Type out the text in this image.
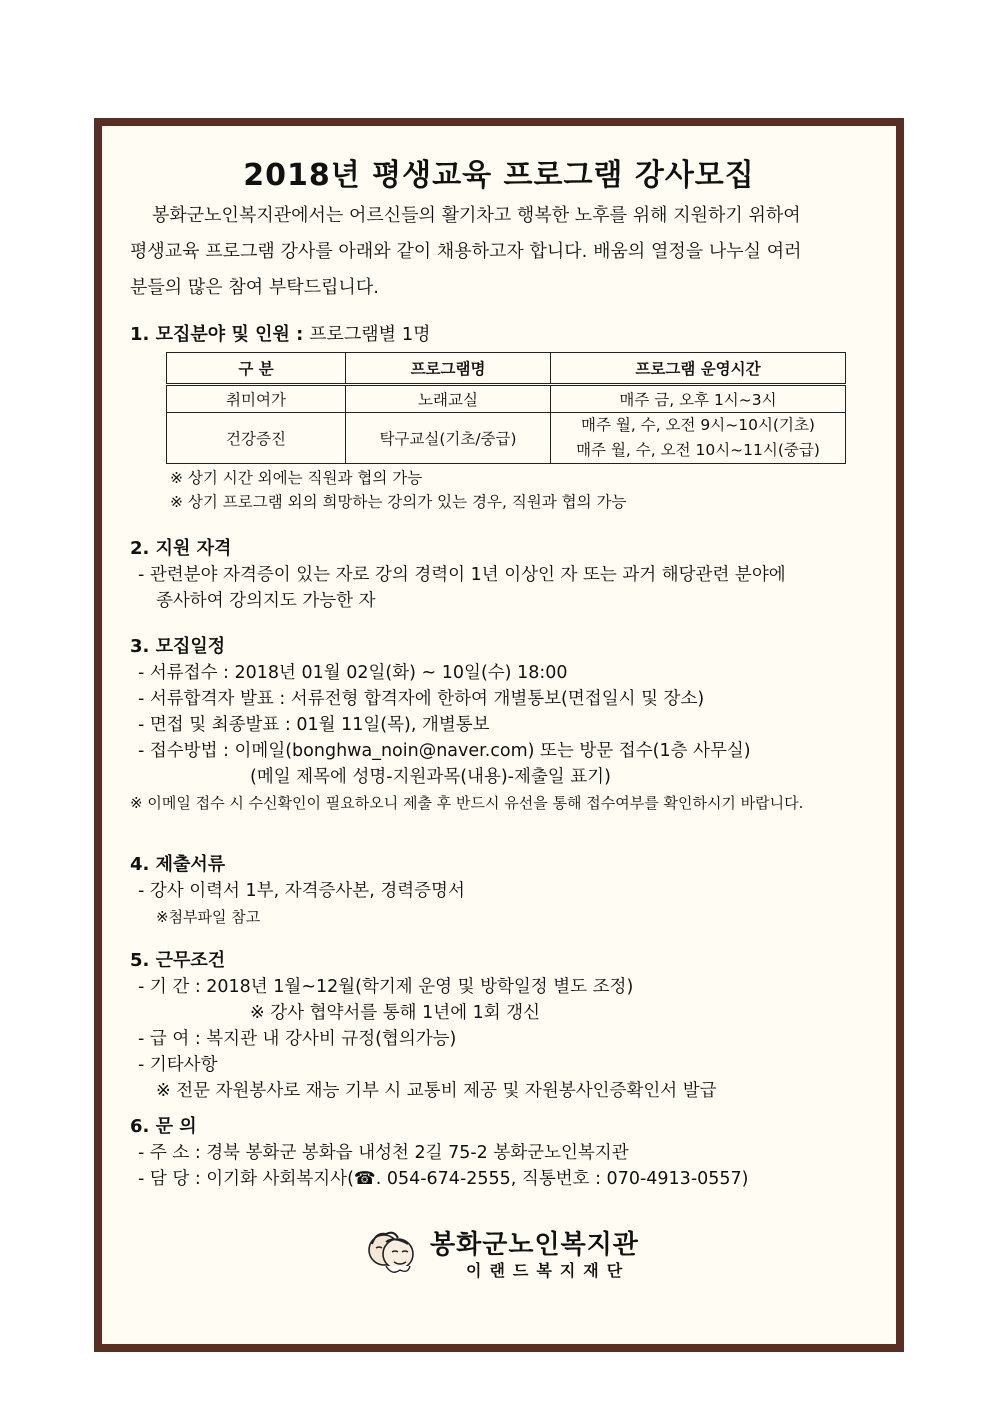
2018년 평생교육 프로그램 강사모집

봉화군노인복지관에서는 어르신들의 활기차고 행복한 노후를 위해 지원하기 위하여

평생교육 프로그램 강사를 아래와 같이 채용하고자 합니다. 배움의 열정을 나누실 여러

분들의 많은 참여 부탁드립니다.

1. 모집분야 및 인원 : 프로그램별 1명
구 분	프로그램명	프로그램 운영시간
취미여가	노래교실	매주 금, 오후 1시~3시
건강증진	탁구교실(기초/중급)	매주 월, 수, 오전 9시~10시(기초)
매주 월, 수, 오전 10시~11시(중급)
※ 상기 시간 외에는 직원과 협의 가능
※ 상기 프로그램 외의 희망하는 강의가 있는 경우, 직원과 협의 가능
2. 지원 자격
- 관련분야 자격증이 있는 자로 강의 경력이 1년 이상인 자 또는 과거 해당관련 분야에
종사하여 강의지도 가능한 자
3. 모집일정
- 서류접수 : 2018년 01월 02일(화) ~ 10일(수) 18:00
- 서류합격자 발표 : 서류전형 합격자에 한하여 개별통보(면접일시 및 장소)
- 면접 및 최종발표 : 01월 11일(목), 개별통보
- 접수방법 : 이메일(bonghwa_noin@naver.com) 또는 방문 접수(1층 사무실)
(메일 제목에 성명-지원과목(내용)-제출일 표기)
※ 이메일 접수 시 수신확인이 필요하오니 제출 후 반드시 유선을 통해 접수여부를 확인하시기 바랍니다.
4. 제출서류
- 강사 이력서 1부, 자격증사본, 경력증명서
※첨부파일 참고
5. 근무조건
- 기 간 : 2018년 1월~12월(학기제 운영 및 방학일정 별도 조정)
※ 강사 협약서를 통해 1년에 1회 갱신
- 급 여 : 복지관 내 강사비 규정(협의가능)
- 기타사항
※ 전문 자원봉사로 재능 기부 시 교통비 제공 및 자원봉사인증확인서 발급
6. 문 의
- 주 소 : 경북 봉화군 봉화읍 내성천 2길 75-2 봉화군노인복지관
- 담 당 : 이기화 사회복지사(☎. 054-674-2555, 직통번호 : 070-4913-0557)
봉화군노인복지관
이랜드복지재단
